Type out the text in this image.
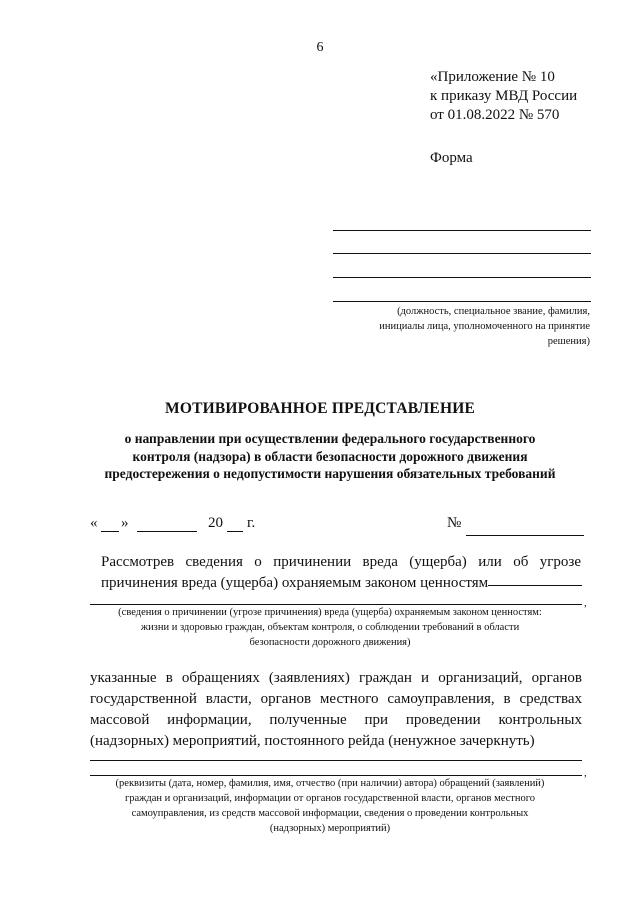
6
«Приложение № 10
к приказу МВД России
от 01.08.2022 № 570
Форма
(должность, специальное звание, фамилия,
инициалы лица, уполномоченного на принятие
решения)
МОТИВИРОВАННОЕ ПРЕДСТАВЛЕНИЕ
о направлении при осуществлении федерального государственного
контроля (надзора) в области безопасности дорожного движения
предостережения о недопустимости нарушения обязательных требований
« »	20 г.	№
Рассмотрев сведения о причинении вреда (ущерба) или об угрозе
причинения вреда (ущерба) охраняемым законом ценностям
,
(сведения о причинении (угрозе причинения) вреда (ущерба) охраняемым законом ценностям:
жизни и здоровью граждан, объектам контроля, о соблюдении требований в области
безопасности дорожного движения)
указанные в обращениях (заявлениях) граждан и организаций, органов
государственной власти, органов местного самоуправления, в средствах
массовой информации, полученные при проведении контрольных
(надзорных) мероприятий, постоянного рейда (ненужное зачеркнуть)
,
(реквизиты (дата, номер, фамилия, имя, отчество (при наличии) автора) обращений (заявлений)
граждан и организаций, информации от органов государственной власти, органов местного
самоуправления, из средств массовой информации, сведения о проведении контрольных
(надзорных) мероприятий)
